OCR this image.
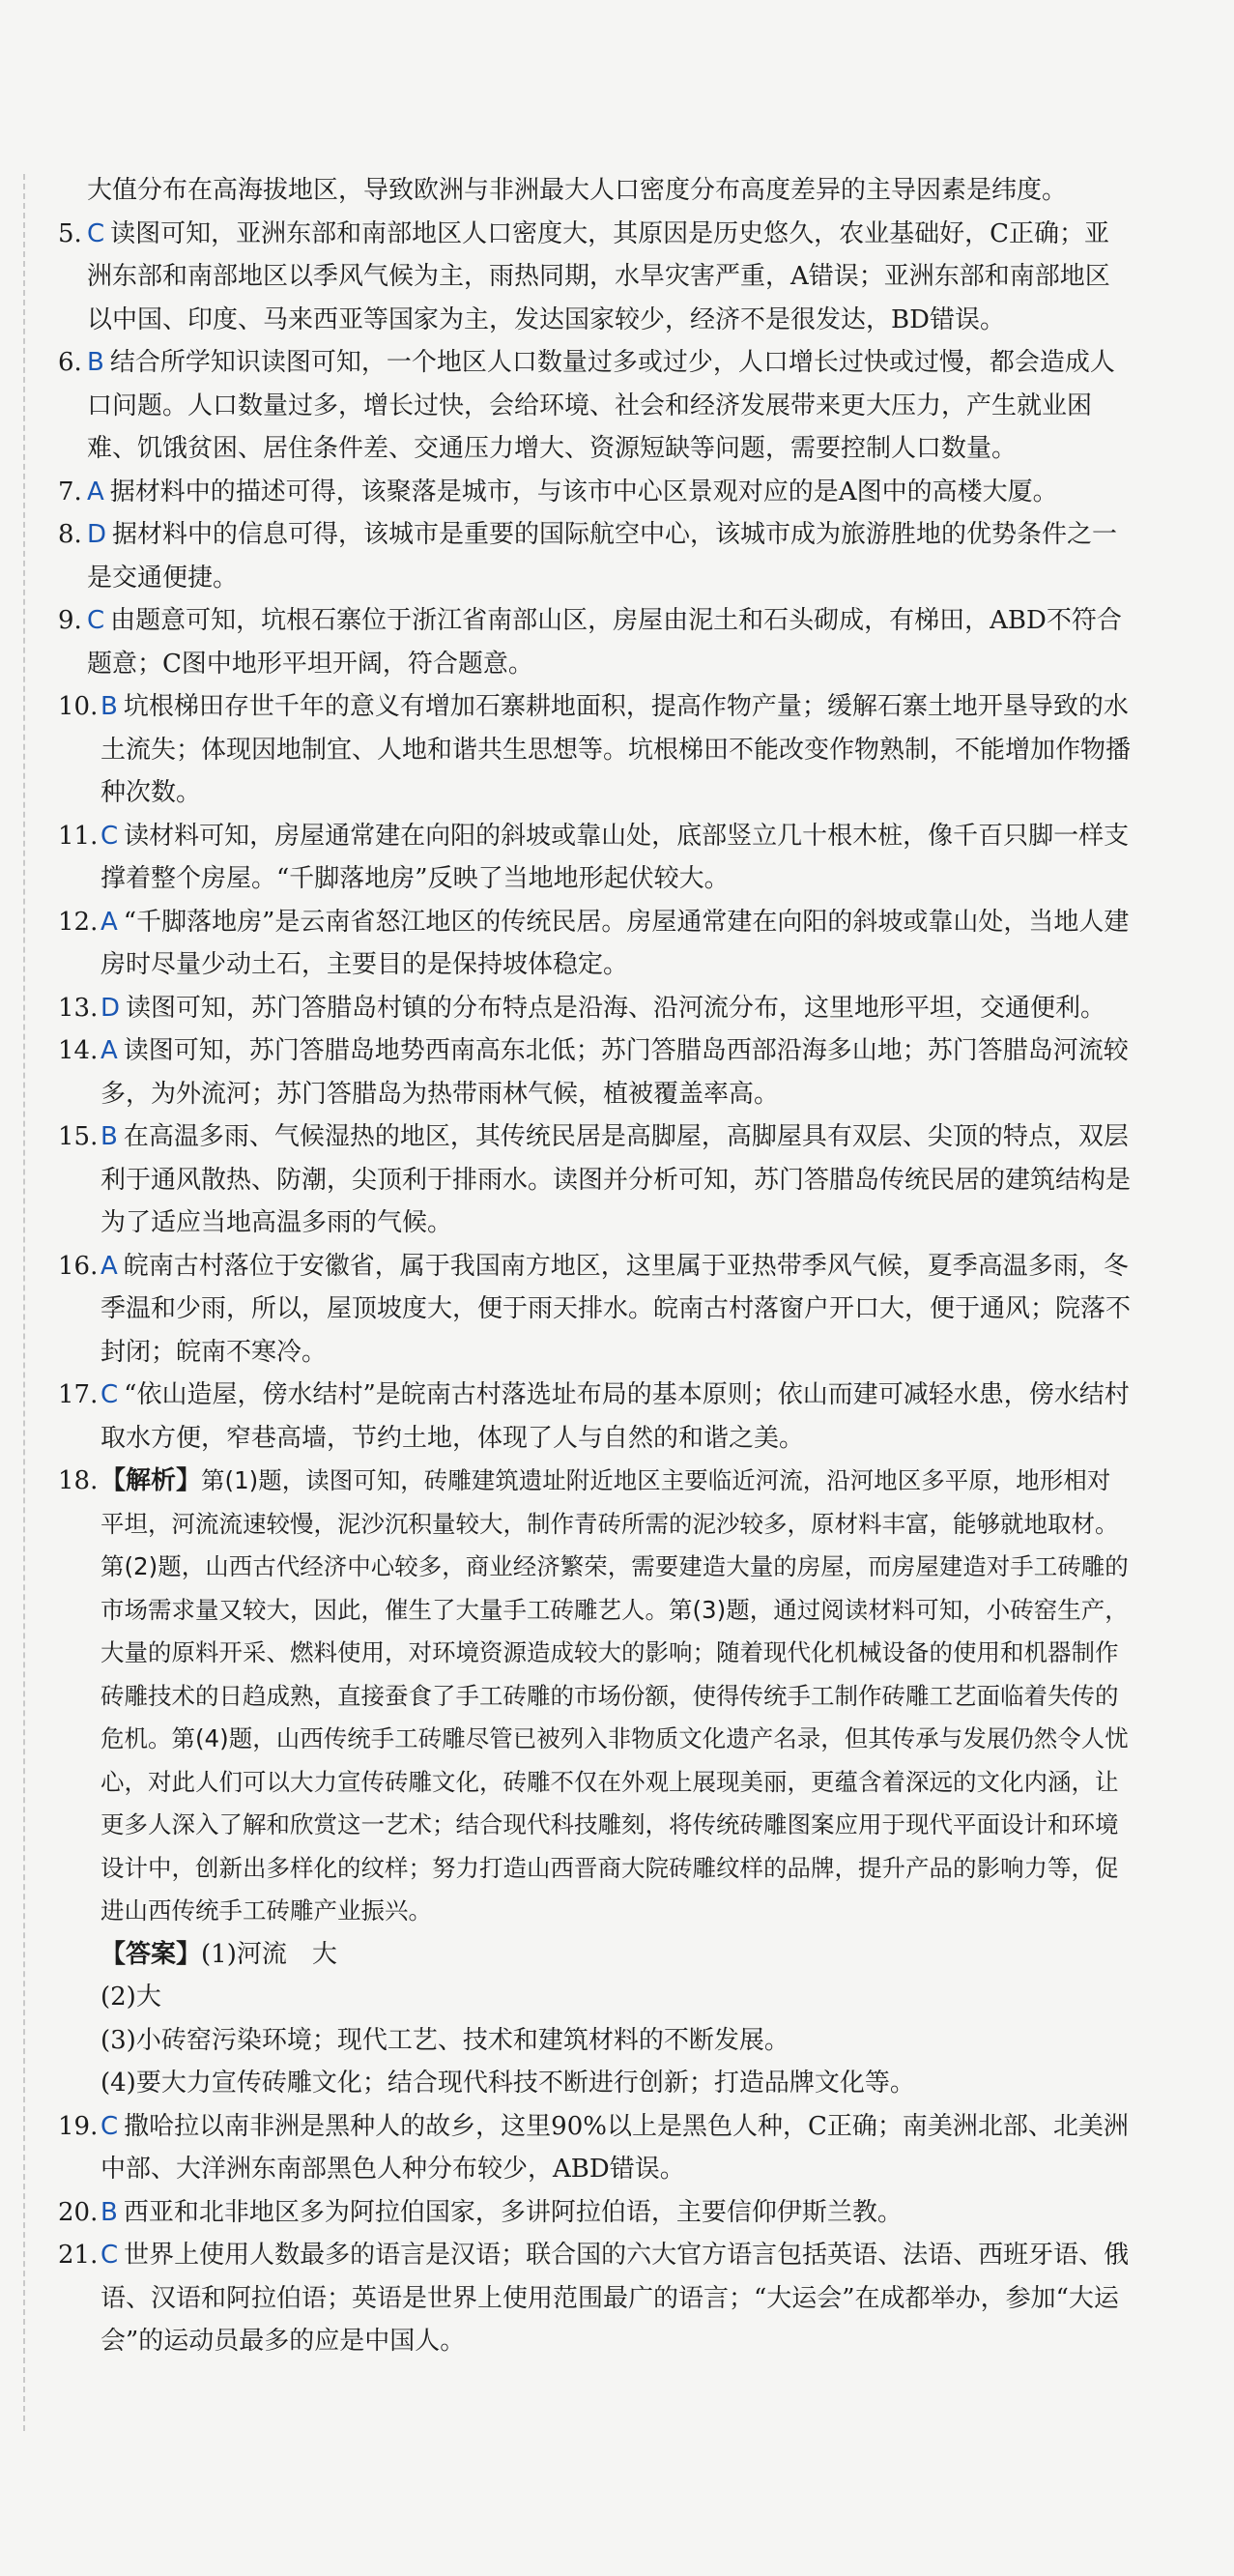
大值分布在高海拔地区，导致欧洲与非洲最大人口密度分布高度差异的主导因素是纬度。

5. C 读图可知，亚洲东部和南部地区人口密度大，其原因是历史悠久，农业基础好，C正确；亚洲东部和南部地区以季风气候为主，雨热同期，水旱灾害严重，A错误；亚洲东部和南部地区以中国、印度、马来西亚等国家为主，发达国家较少，经济不是很发达，BD错误。

6. B 结合所学知识读图可知，一个地区人口数量过多或过少，人口增长过快或过慢，都会造成人口问题。人口数量过多，增长过快，会给环境、社会和经济发展带来更大压力，产生就业困难、饥饿贫困、居住条件差、交通压力增大、资源短缺等问题，需要控制人口数量。

7. A 据材料中的描述可得，该聚落是城市，与该市中心区景观对应的是A图中的高楼大厦。

8. D 据材料中的信息可得，该城市是重要的国际航空中心，该城市成为旅游胜地的优势条件之一是交通便捷。

9. C 由题意可知，坑根石寨位于浙江省南部山区，房屋由泥土和石头砌成，有梯田，ABD不符合题意；C图中地形平坦开阔，符合题意。

10. B 坑根梯田存世千年的意义有增加石寨耕地面积，提高作物产量；缓解石寨土地开垦导致的水土流失；体现因地制宜、人地和谐共生思想等。坑根梯田不能改变作物熟制，不能增加作物播种次数。

11. C 读材料可知，房屋通常建在向阳的斜坡或靠山处，底部竖立几十根木桩，像千百只脚一样支撑着整个房屋。“千脚落地房”反映了当地地形起伏较大。

12. A “千脚落地房”是云南省怒江地区的传统民居。房屋通常建在向阳的斜坡或靠山处，当地人建房时尽量少动土石，主要目的是保持坡体稳定。

13. D 读图可知，苏门答腊岛村镇的分布特点是沿海、沿河流分布，这里地形平坦，交通便利。

14. A 读图可知，苏门答腊岛地势西南高东北低；苏门答腊岛西部沿海多山地；苏门答腊岛河流较多，为外流河；苏门答腊岛为热带雨林气候，植被覆盖率高。

15. B 在高温多雨、气候湿热的地区，其传统民居是高脚屋，高脚屋具有双层、尖顶的特点，双层利于通风散热、防潮，尖顶利于排雨水。读图并分析可知，苏门答腊岛传统民居的建筑结构是为了适应当地高温多雨的气候。

16. A 皖南古村落位于安徽省，属于我国南方地区，这里属于亚热带季风气候，夏季高温多雨，冬季温和少雨，所以，屋顶坡度大，便于雨天排水。皖南古村落窗户开口大，便于通风；院落不封闭；皖南不寒冷。

17. C “依山造屋，傍水结村”是皖南古村落选址布局的基本原则；依山而建可减轻水患，傍水结村取水方便，窄巷高墙，节约土地，体现了人与自然的和谐之美。

18. 【解析】第(1)题，读图可知，砖雕建筑遗址附近地区主要临近河流，沿河地区多平原，地形相对平坦，河流流速较慢，泥沙沉积量较大，制作青砖所需的泥沙较多，原材料丰富，能够就地取材。第(2)题，山西古代经济中心较多，商业经济繁荣，需要建造大量的房屋，而房屋建造对手工砖雕的市场需求量又较大，因此，催生了大量手工砖雕艺人。第(3)题，通过阅读材料可知，小砖窑生产，大量的原料开采、燃料使用，对环境资源造成较大的影响；随着现代化机械设备的使用和机器制作砖雕技术的日趋成熟，直接蚕食了手工砖雕的市场份额，使得传统手工制作砖雕工艺面临着失传的危机。第(4)题，山西传统手工砖雕尽管已被列入非物质文化遗产名录，但其传承与发展仍然令人忧心，对此人们可以大力宣传砖雕文化，砖雕不仅在外观上展现美丽，更蕴含着深远的文化内涵，让更多人深入了解和欣赏这一艺术；结合现代科技雕刻，将传统砖雕图案应用于现代平面设计和环境设计中，创新出多样化的纹样；努力打造山西晋商大院砖雕纹样的品牌，提升产品的影响力等，促进山西传统手工砖雕产业振兴。

【答案】

(1)河流　大

(2)大

(3)小砖窑污染环境；现代工艺、技术和建筑材料的不断发展。

(4)要大力宣传砖雕文化；结合现代科技不断进行创新；打造品牌文化等。

19. C 撒哈拉以南非洲是黑种人的故乡，这里90%以上是黑色人种，C正确；南美洲北部、北美洲中部、大洋洲东南部黑色人种分布较少，ABD错误。

20. B 西亚和北非地区多为阿拉伯国家，多讲阿拉伯语，主要信仰伊斯兰教。

21. C 世界上使用人数最多的语言是汉语；联合国的六大官方语言包括英语、法语、西班牙语、俄语、汉语和阿拉伯语；英语是世界上使用范围最广的语言；“大运会”在成都举办，参加“大运会”的运动员最多的应是中国人。
